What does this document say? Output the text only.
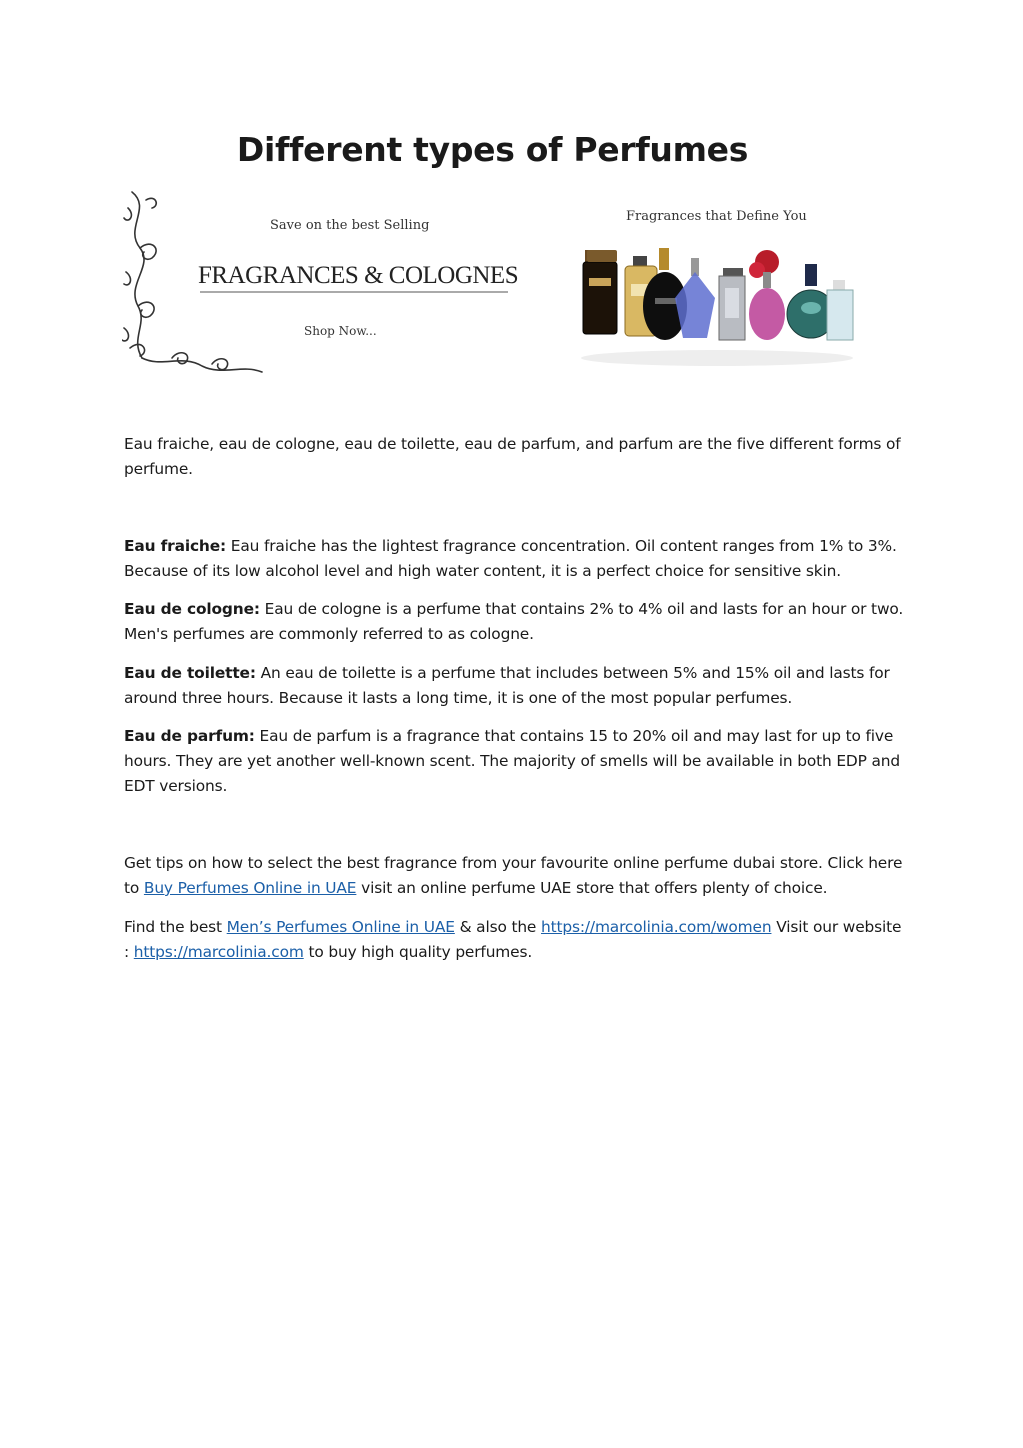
Different types of Perfumes
Save on the best Selling
FRAGRANCES & COLOGNES
Shop Now...
Fragrances that Define You

Eau fraiche, eau de cologne, eau de toilette, eau de parfum, and parfum are the five different forms of perfume.

Eau fraiche: Eau fraiche has the lightest fragrance concentration. Oil content ranges from 1% to 3%. Because of its low alcohol level and high water content, it is a perfect choice for sensitive skin.

Eau de cologne: Eau de cologne is a perfume that contains 2% to 4% oil and lasts for an hour or two. Men's perfumes are commonly referred to as cologne.

Eau de toilette: An eau de toilette is a perfume that includes between 5% and 15% oil and lasts for around three hours. Because it lasts a long time, it is one of the most popular perfumes.

Eau de parfum: Eau de parfum is a fragrance that contains 15 to 20% oil and may last for up to five hours. They are yet another well-known scent. The majority of smells will be available in both EDP and EDT versions.

Get tips on how to select the best fragrance from your favourite online perfume dubai store. Click here to Buy Perfumes Online in UAE visit an online perfume UAE store that offers plenty of choice.

Find the best Men’s Perfumes Online in UAE & also the https://marcolinia.com/women Visit our website : https://marcolinia.com to buy high quality perfumes.
